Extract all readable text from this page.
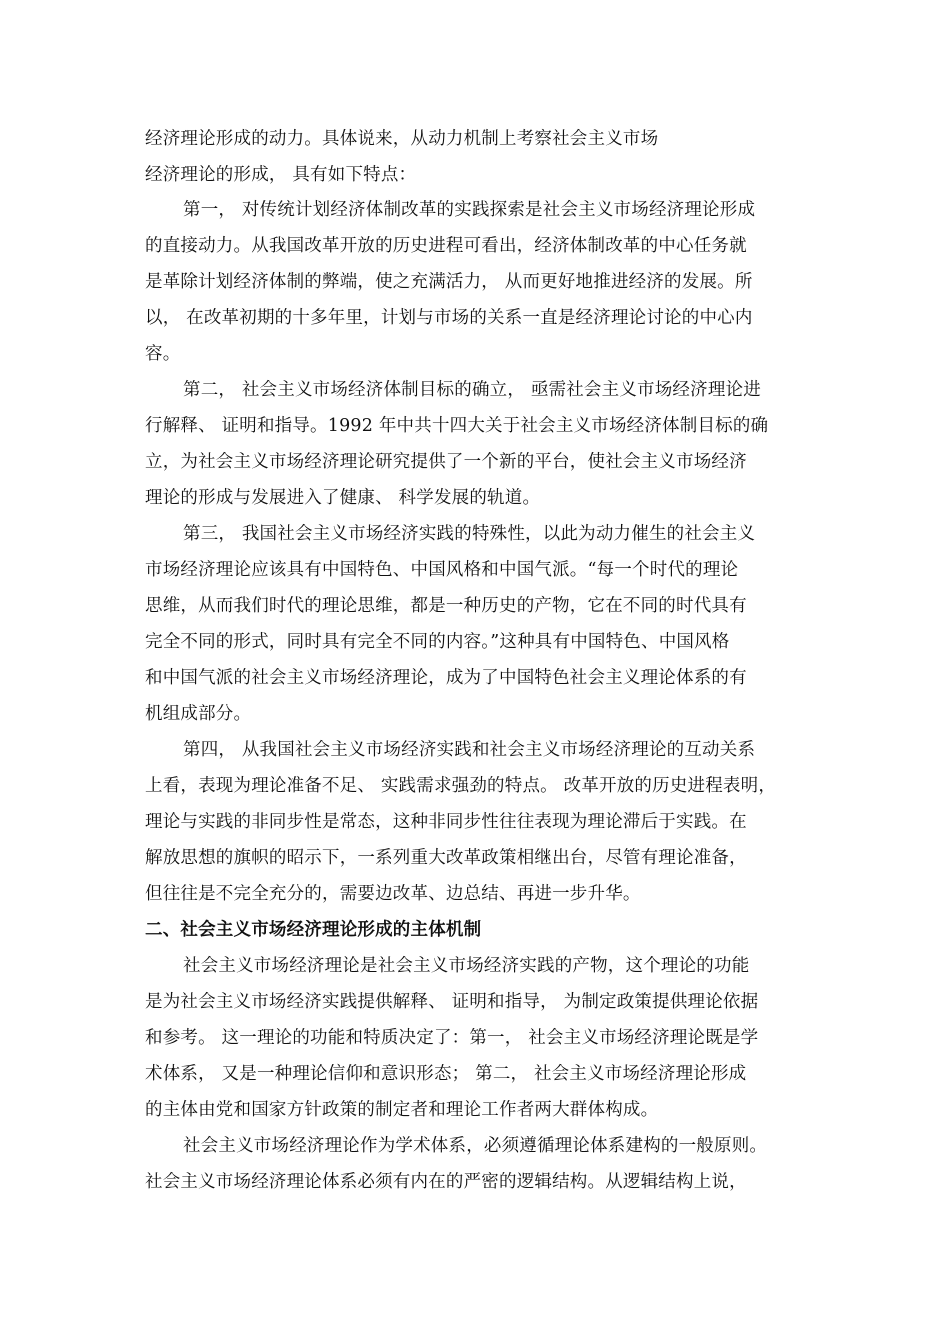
经济理论形成的动力。具体说来，从动力机制上考察社会主义市场
经济理论的形成， 具有如下特点：
第一， 对传统计划经济体制改革的实践探索是社会主义市场经济理论形成
的直接动力。从我国改革开放的历史进程可看出，经济体制改革的中心任务就
是革除计划经济体制的弊端，使之充满活力， 从而更好地推进经济的发展。所
以， 在改革初期的十多年里，计划与市场的关系一直是经济理论讨论的中心内
容。
第二， 社会主义市场经济体制目标的确立， 亟需社会主义市场经济理论进
行解释、 证明和指导。1992 年中共十四大关于社会主义市场经济体制目标的确
立，为社会主义市场经济理论研究提供了一个新的平台，使社会主义市场经济
理论的形成与发展进入了健康、 科学发展的轨道。
第三， 我国社会主义市场经济实践的特殊性，以此为动力催生的社会主义
市场经济理论应该具有中国特色、中国风格和中国气派。“每一个时代的理论
思维，从而我们时代的理论思维，都是一种历史的产物，它在不同的时代具有
完全不同的形式，同时具有完全不同的内容。”这种具有中国特色、中国风格
和中国气派的社会主义市场经济理论，成为了中国特色社会主义理论体系的有
机组成部分。
第四， 从我国社会主义市场经济实践和社会主义市场经济理论的互动关系
上看，表现为理论准备不足、 实践需求强劲的特点。 改革开放的历史进程表明，
理论与实践的非同步性是常态，这种非同步性往往表现为理论滞后于实践。在
解放思想的旗帜的昭示下，一系列重大改革政策相继出台，尽管有理论准备，
但往往是不完全充分的，需要边改革、边总结、再进一步升华。
二、社会主义市场经济理论形成的主体机制
社会主义市场经济理论是社会主义市场经济实践的产物，这个理论的功能
是为社会主义市场经济实践提供解释、 证明和指导， 为制定政策提供理论依据
和参考。 这一理论的功能和特质决定了：第一， 社会主义市场经济理论既是学
术体系， 又是一种理论信仰和意识形态； 第二， 社会主义市场经济理论形成
的主体由党和国家方针政策的制定者和理论工作者两大群体构成。
社会主义市场经济理论作为学术体系，必须遵循理论体系建构的一般原则。
社会主义市场经济理论体系必须有内在的严密的逻辑结构。从逻辑结构上说，
